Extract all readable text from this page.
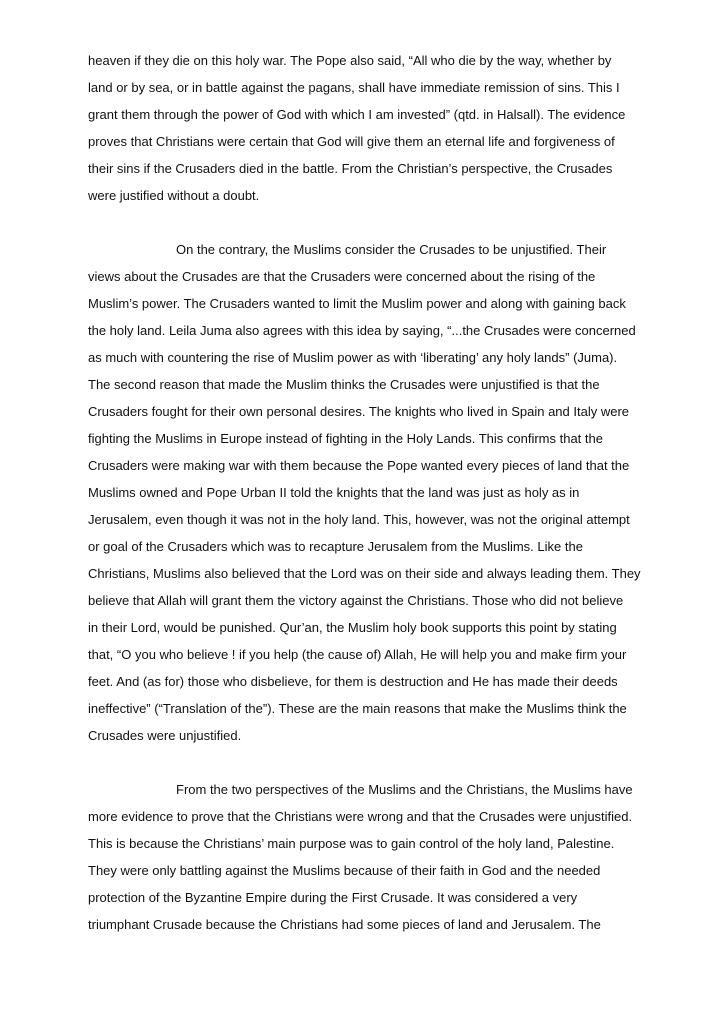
heaven if they die on this holy war. The Pope also said, “All who die by the way, whether by
land or by sea, or in battle against the pagans, shall have immediate remission of sins. This I
grant them through the power of God with which I am invested” (qtd. in Halsall). The evidence
proves that Christians were certain that God will give them an eternal life and forgiveness of
their sins if the Crusaders died in the battle. From the Christian’s perspective, the Crusades
were justified without a doubt.
On the contrary, the Muslims consider the Crusades to be unjustified. Their
views about the Crusades are that the Crusaders were concerned about the rising of the
Muslim’s power. The Crusaders wanted to limit the Muslim power and along with gaining back
the holy land. Leila Juma also agrees with this idea by saying, “...the Crusades were concerned
as much with countering the rise of Muslim power as with ‘liberating’ any holy lands” (Juma).
The second reason that made the Muslim thinks the Crusades were unjustified is that the
Crusaders fought for their own personal desires. The knights who lived in Spain and Italy were
fighting the Muslims in Europe instead of fighting in the Holy Lands. This confirms that the
Crusaders were making war with them because the Pope wanted every pieces of land that the
Muslims owned and Pope Urban II told the knights that the land was just as holy as in
Jerusalem, even though it was not in the holy land. This, however, was not the original attempt
or goal of the Crusaders which was to recapture Jerusalem from the Muslims. Like the
Christians, Muslims also believed that the Lord was on their side and always leading them. They
believe that Allah will grant them the victory against the Christians. Those who did not believe
in their Lord, would be punished. Qur’an, the Muslim holy book supports this point by stating
that, “O you who believe ! if you help (the cause of) Allah, He will help you and make firm your
feet. And (as for) those who disbelieve, for them is destruction and He has made their deeds
ineffective” (“Translation of the”). These are the main reasons that make the Muslims think the
Crusades were unjustified.
From the two perspectives of the Muslims and the Christians, the Muslims have
more evidence to prove that the Christians were wrong and that the Crusades were unjustified.
This is because the Christians’ main purpose was to gain control of the holy land, Palestine.
They were only battling against the Muslims because of their faith in God and the needed
protection of the Byzantine Empire during the First Crusade. It was considered a very
triumphant Crusade because the Christians had some pieces of land and Jerusalem. The
